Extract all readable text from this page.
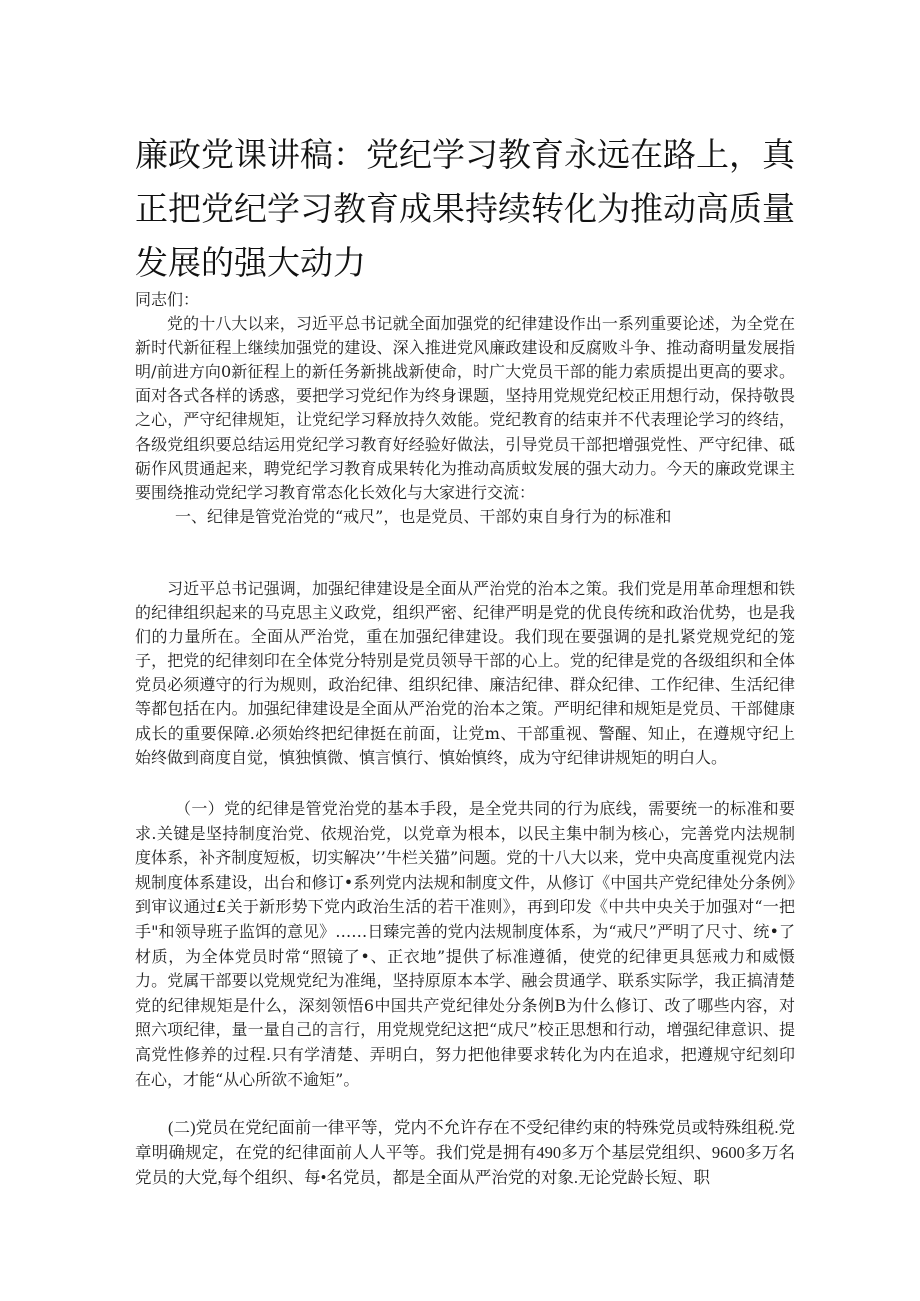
廉政党课讲稿：党纪学习教育永远在路上，真正把党纪学习教育成果持续转化为推动高质量发展的强大动力

同志们：

党的十八大以来，习近平总书记就全面加强党的纪律建设作出一系列重要论述，为全党在新时代新征程上继续加强党的建设、深入推进党风廉政建设和反腐败斗争、推动裔明量发展指明/前进方向0新征程上的新任务新挑战新使命，时广大党员干部的能力索质提出更高的要求。面对各式各样的诱惑，要把学习党纪作为终身课题，坚持用党规党纪校正用想行动，保持敬畏之心，严守纪律规矩，让党纪学习释放持久效能。党纪教育的结束并不代表理论学习的终结，各级党组织要总结运用党纪学习教育好经验好做法，引导党员干部把增强党性、严守纪律、砥砺作风贯通起来，聘党纪学习教育成果转化为推动高质蚊发展的强大动力。今天的廉政党课主要围绕推动党纪学习教育常态化长效化与大家进行交流：

一、纪律是管党治党的“戒尺”，也是党员、干部妁束自身行为的标准和

习近平总书记强调，加强纪律建设是全面从严治党的治本之策。我们党是用革命理想和铁的纪律组织起来的马克思主义政党，组织严密、纪律严明是党的优良传统和政治优势，也是我们的力量所在。全面从严治党，重在加强纪律建设。我们现在要强调的是扎紧党规党纪的笼子，把党的纪律刻印在全体党分特别是党员领导干部的心上。党的纪律是党的各级组织和全体党员必须遵守的行为规则，政治纪律、组织纪律、廉洁纪律、群众纪律、工作纪律、生活纪律等都包括在内。加强纪律建设是全面从严治党的治本之策。严明纪律和规矩是党员、干部健康成长的重要保障.必须始终把纪律挺在前面，让党m、干部重视、警醒、知止，在遵规守纪上始终做到商度自觉，慎独慎微、慎言慎行、慎始慎终，成为守纪律讲规矩的明白人。

（一）党的纪律是管党治党的基本手段，是全党共同的行为底线，需要统一的标准和要求.关键是坚持制度治党、依规治党，以党章为根本，以民主集中制为核心，完善党内法规制度体系，补齐制度短板，切实解决’’牛栏关猫”问题。党的十八大以来，党中央高度重视党内法规制度体系建设，出台和修订•系列党内法规和制度文件，从修订《中国共产党纪律处分条例》到审议通过£关于新形势下党内政治生活的若干准则》，再到印发《中共中央关于加强对“一把手"和领导班子监饵的意见》……日臻完善的党内法规制度体系，为“戒尺”严明了尺寸、统•了材质，为全体党员时常“照镜了•、正衣地”提供了标准遵循，使党的纪律更具惩戒力和威慑力。党属干部要以党规党纪为准绳，坚持原原本本学、融会贯通学、联系实际学，我正搞清楚党的纪律规矩是什么，深刻领悟6中国共产党纪律处分条例B为什么修订、改了哪些内容，对照六项纪律，量一量自己的言行，用党规党纪这把“成尺”校正思想和行动，增强纪律意识、提高党性修养的过程.只有学清楚、弄明白，努力把他律要求转化为内在追求，把遵规守纪刻印在心，才能“从心所欲不逾矩”。

(二)党员在党纪面前一律平等，党内不允许存在不受纪律约束的特殊党员或特殊组税.党章明确规定，在党的纪律面前人人平等。我们党是拥有490多万个基层党组织、9600多万名党员的大党,每个组织、每•名党员，都是全面从严治党的对象.无论党龄长短、职
